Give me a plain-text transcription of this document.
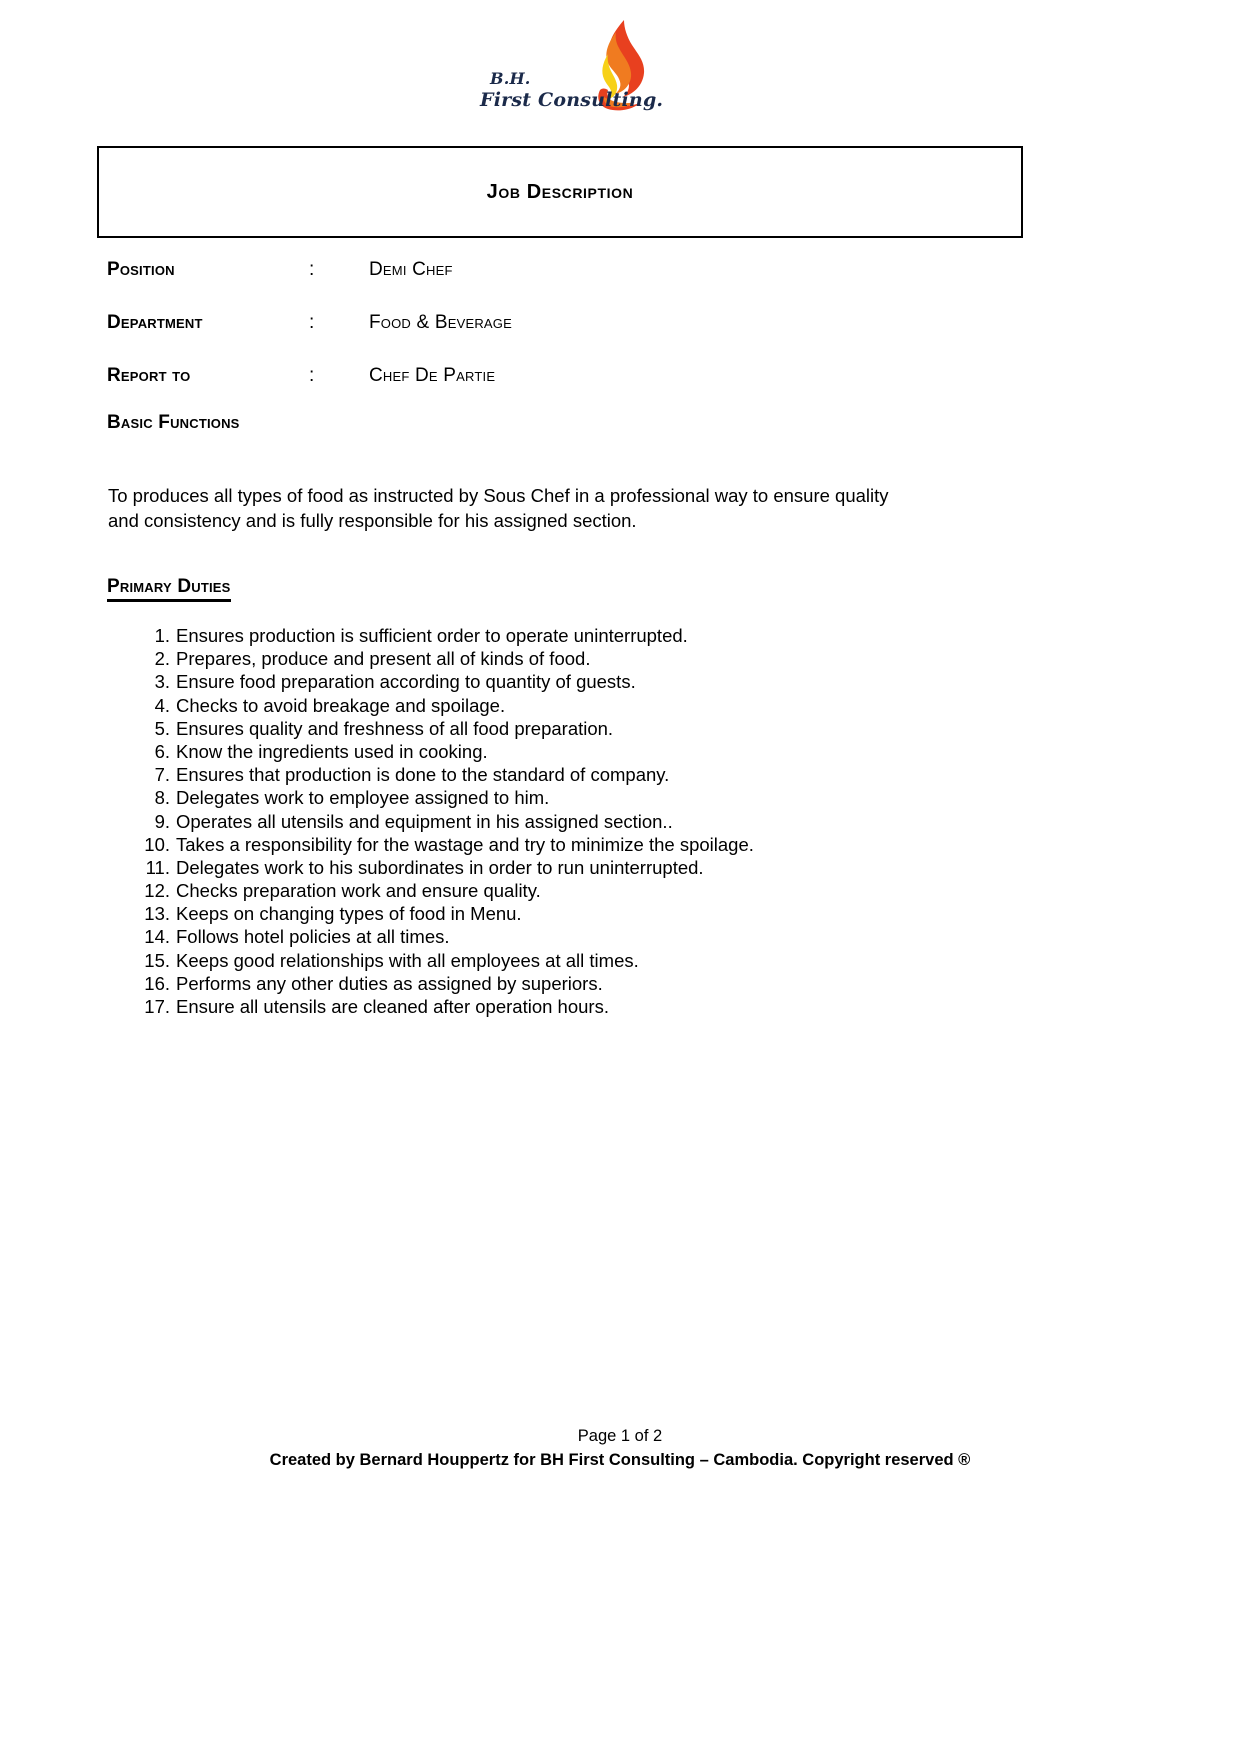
B.H.
First Consulting.
Job Description
Position	:	Demi Chef
Department	:	Food & Beverage
Report to	:	Chef De Partie
Basic Functions

To produces all types of food as instructed by Sous Chef in a professional way to ensure quality

and consistency and is fully responsible for his assigned section.

Primary Duties
1. Ensures production is sufficient order to operate uninterrupted.
2. Prepares, produce and present all of kinds of food.
3. Ensure food preparation according to quantity of guests.
4. Checks to avoid breakage and spoilage.
5. Ensures quality and freshness of all food preparation.
6. Know the ingredients used in cooking.
7. Ensures that production is done to the standard of company.
8. Delegates work to employee assigned to him.
9. Operates all utensils and equipment in his assigned section..
10. Takes a responsibility for the wastage and try to minimize the spoilage.
11. Delegates work to his subordinates in order to run uninterrupted.
12. Checks preparation work and ensure quality.
13. Keeps on changing types of food in Menu.
14. Follows hotel policies at all times.
15. Keeps good relationships with all employees at all times.
16. Performs any other duties as assigned by superiors.
17. Ensure all utensils are cleaned after operation hours.
Page 1 of 2
Created by Bernard Houppertz for BH First Consulting – Cambodia. Copyright reserved ®
